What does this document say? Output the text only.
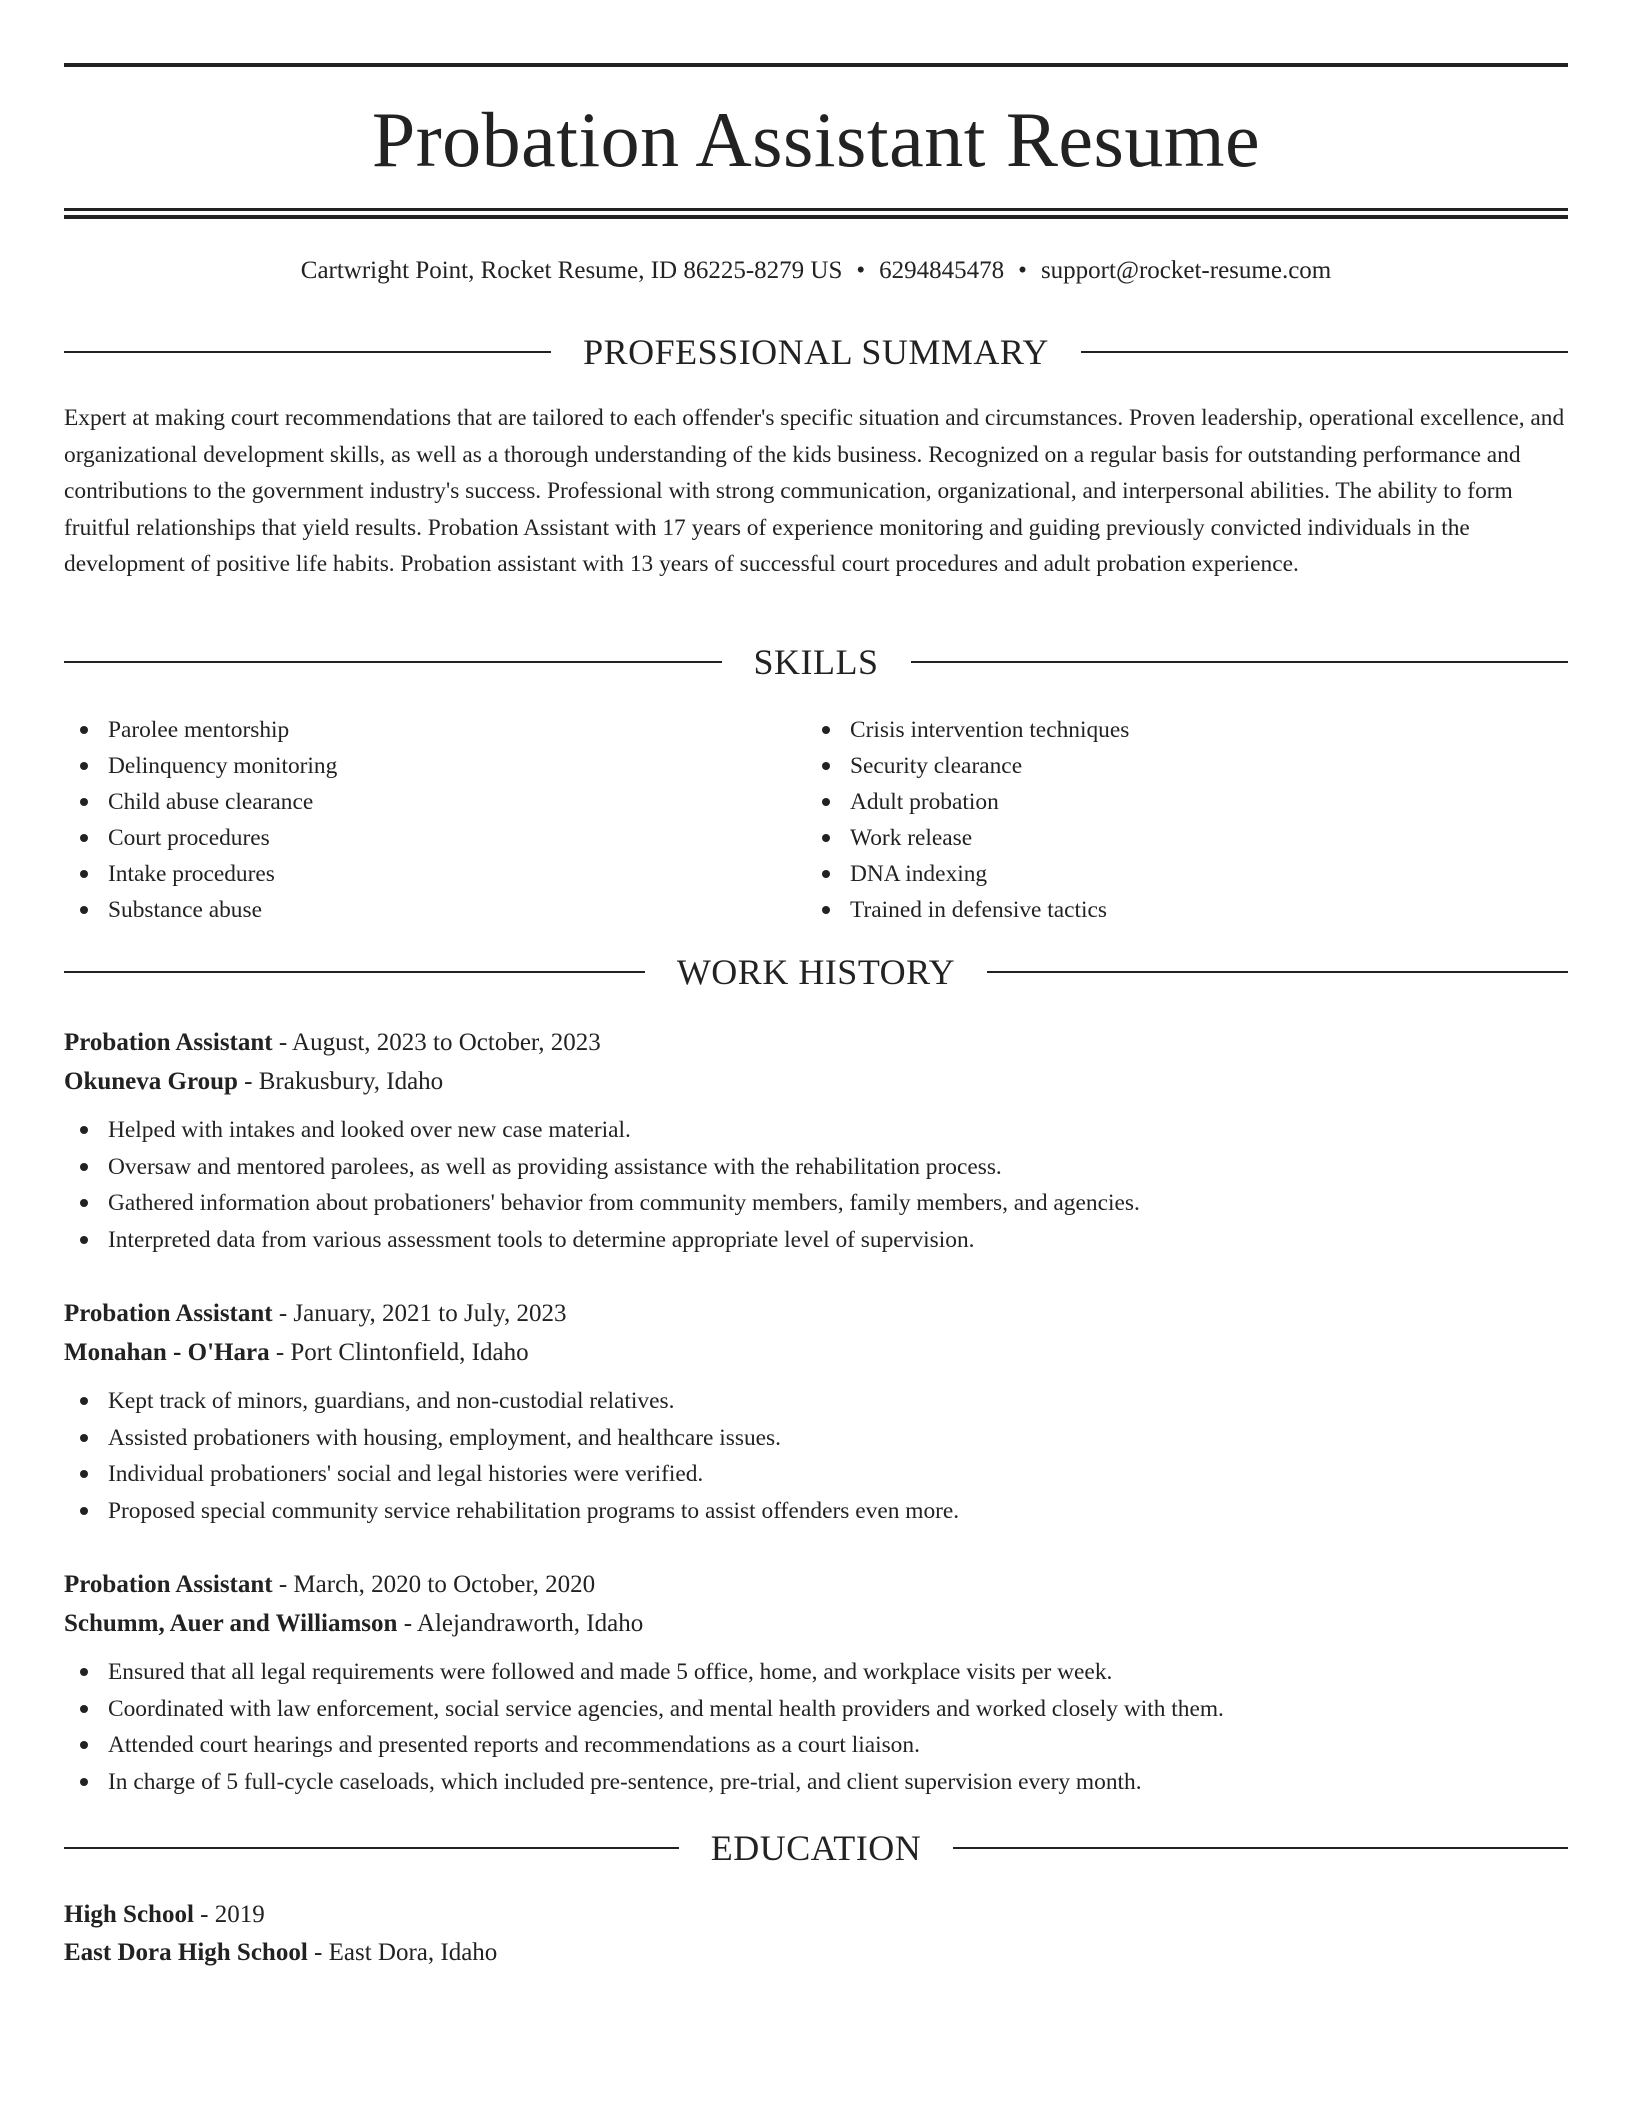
Probation Assistant Resume
Cartwright Point, Rocket Resume, ID 86225-8279 US • 6294845478 • support@rocket-resume.com
PROFESSIONAL SUMMARY

Expert at making court recommendations that are tailored to each offender's specific situation and circumstances. Proven leadership, operational excellence, and organizational development skills, as well as a thorough understanding of the kids business. Recognized on a regular basis for outstanding performance and contributions to the government industry's success. Professional with strong communication, organizational, and interpersonal abilities. The ability to form fruitful relationships that yield results. Probation Assistant with 17 years of experience monitoring and guiding previously convicted individuals in the development of positive life habits. Probation assistant with 13 years of successful court procedures and adult probation experience.

SKILLS
Parolee mentorship
Delinquency monitoring
Child abuse clearance
Court procedures
Intake procedures
Substance abuse
Crisis intervention techniques
Security clearance
Adult probation
Work release
DNA indexing
Trained in defensive tactics
WORK HISTORY
Probation Assistant - August, 2023 to October, 2023
Okuneva Group - Brakusbury, Idaho
Helped with intakes and looked over new case material.
Oversaw and mentored parolees, as well as providing assistance with the rehabilitation process.
Gathered information about probationers' behavior from community members, family members, and agencies.
Interpreted data from various assessment tools to determine appropriate level of supervision.
Probation Assistant - January, 2021 to July, 2023
Monahan - O'Hara - Port Clintonfield, Idaho
Kept track of minors, guardians, and non-custodial relatives.
Assisted probationers with housing, employment, and healthcare issues.
Individual probationers' social and legal histories were verified.
Proposed special community service rehabilitation programs to assist offenders even more.
Probation Assistant - March, 2020 to October, 2020
Schumm, Auer and Williamson - Alejandraworth, Idaho
Ensured that all legal requirements were followed and made 5 office, home, and workplace visits per week.
Coordinated with law enforcement, social service agencies, and mental health providers and worked closely with them.
Attended court hearings and presented reports and recommendations as a court liaison.
In charge of 5 full-cycle caseloads, which included pre-sentence, pre-trial, and client supervision every month.
EDUCATION
High School - 2019
East Dora High School - East Dora, Idaho
